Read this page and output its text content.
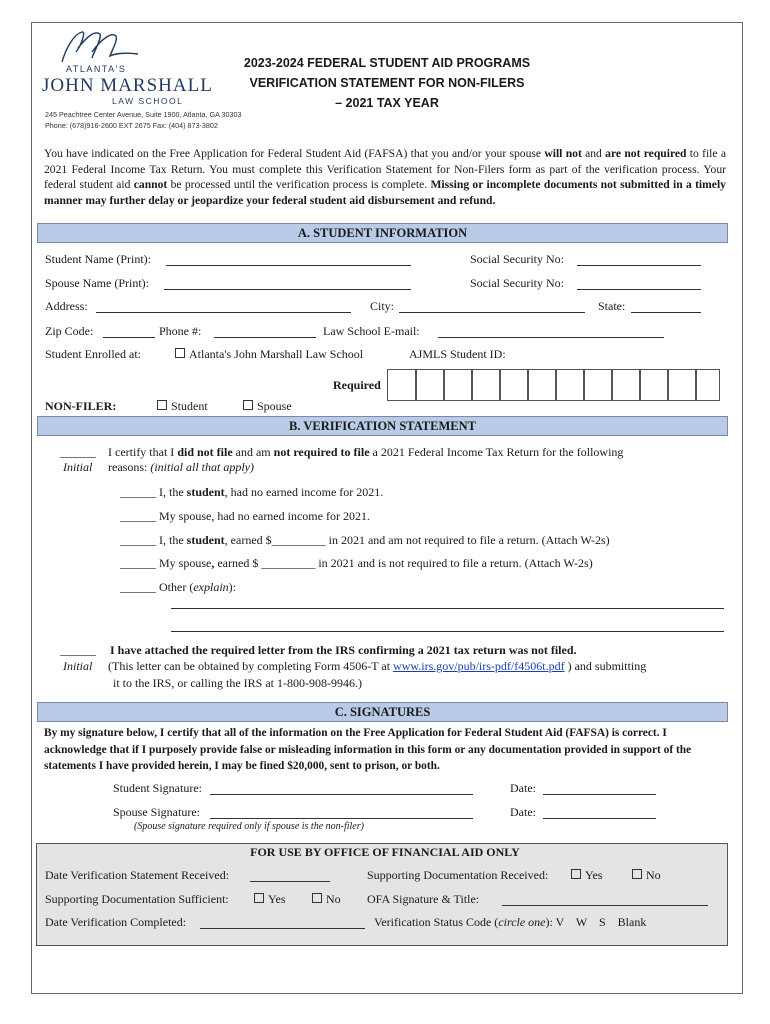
ATLANTA'S
JOHN MARSHALL
LAW SCHOOL
245 Peachtree Center Avenue, Suite 1900, Atlanta, GA 30303
Phone: (678)916-2600 EXT 2675 Fax: (404) 873-3802
2023-2024 FEDERAL STUDENT AID PROGRAMS
VERIFICATION STATEMENT FOR NON-FILERS
– 2021 TAX YEAR
You have indicated on the Free Application for Federal Student Aid (FAFSA) that you and/or your spouse will not and are not required to file a 2021 Federal Income Tax Return. You must complete this Verification Statement for Non-Filers form as part of the verification process. Your federal student aid cannot be processed until the verification process is complete. Missing or incomplete documents not submitted in a timely manner may further delay or jeopardize your federal student aid disbursement and refund.
A. STUDENT INFORMATION
Student Name (Print):	Social Security No:
Spouse Name (Print):	Social Security No:
Address:	City:	State:
Zip Code:	Phone #:	Law School E-mail:
Student Enrolled at:	Atlanta's John Marshall Law School	AJMLS Student ID:
Required
NON-FILER:	Student	Spouse
B. VERIFICATION STATEMENT
______
Initial
I certify that I did not file and am not required to file a 2021 Federal Income Tax Return for the following
reasons: (initial all that apply)
______ I, the student, had no earned income for 2021.
______ My spouse, had no earned income for 2021.
______ I, the student, earned $_________ in 2021 and am not required to file a return. (Attach W-2s)
______ My spouse, earned $ _________ in 2021 and is not required to file a return. (Attach W-2s)
______ Other (explain):
______
Initial
I have attached the required letter from the IRS confirming a 2021 tax return was not filed.
(This letter can be obtained by completing Form 4506-T at www.irs.gov/pub/irs-pdf/f4506t.pdf ) and submitting
it to the IRS, or calling the IRS at 1-800-908-9946.)
C. SIGNATURES
By my signature below, I certify that all of the information on the Free Application for Federal Student Aid (FAFSA) is correct. I acknowledge that if I purposely provide false or misleading information in this form or any documentation provided in support of the statements I have provided herein, I may be fined $20,000, sent to prison, or both.
Student Signature:	Date:
Spouse Signature:	Date:
(Spouse signature required only if spouse is the non-filer)
FOR USE BY OFFICE OF FINANCIAL AID ONLY
Date Verification Statement Received:	Supporting Documentation Received:	Yes	No
Supporting Documentation Sufficient:	Yes	No OFA Signature & Title:
Date Verification Completed:	Verification Status Code (circle one): V    W    S    Blank
